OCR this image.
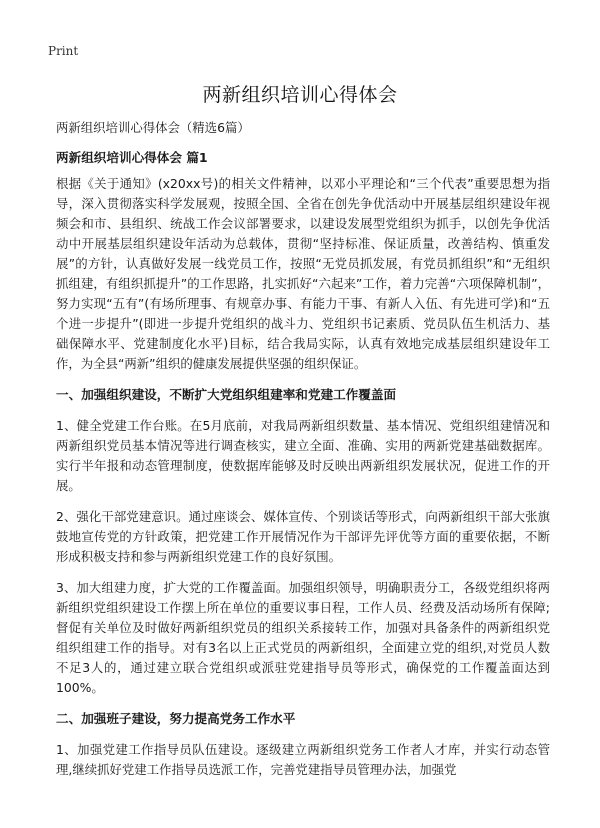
Print
两新组织培训心得体会
两新组织培训心得体会（精选6篇）
两新组织培训心得体会 篇1

根据《关于通知》(x20xx号)的相关文件精神，以邓小平理论和“三个代表”重要思想为指导，深入贯彻落实科学发展观，按照全国、全省在创先争优活动中开展基层组织建设年视频会和市、县组织、统战工作会议部署要求，以建设发展型党组织为抓手，以创先争优活动中开展基层组织建设年活动为总载体，贯彻“坚持标准、保证质量，改善结构、慎重发展”的方针，认真做好发展一线党员工作，按照“无党员抓发展，有党员抓组织”和“无组织抓组建，有组织抓提升”的工作思路，扎实抓好“六起来”工作，着力完善“六项保障机制”，努力实现“五有”(有场所理事、有规章办事、有能力干事、有新人入伍、有先进可学)和“五个进一步提升”(即进一步提升党组织的战斗力、党组织书记素质、党员队伍生机活力、基础保障水平、党建制度化水平)目标，结合我局实际，认真有效地完成基层组织建设年工作，为全县“两新”组织的健康发展提供坚强的组织保证。

一、加强组织建设，不断扩大党组织组建率和党建工作覆盖面

1、健全党建工作台账。在5月底前，对我局两新组织数量、基本情况、党组织组建情况和两新组织党员基本情况等进行调查核实，建立全面、准确、实用的两新党建基础数据库。实行半年报和动态管理制度，使数据库能够及时反映出两新组织发展状况，促进工作的开展。

2、强化干部党建意识。通过座谈会、媒体宣传、个别谈话等形式，向两新组织干部大张旗鼓地宣传党的方针政策，把党建工作开展情况作为干部评先评优等方面的重要依据，不断形成积极支持和参与两新组织党建工作的良好氛围。

3、加大组建力度，扩大党的工作覆盖面。加强组织领导，明确职责分工，各级党组织将两新组织党组织建设工作摆上所在单位的重要议事日程，工作人员、经费及活动场所有保障;督促有关单位及时做好两新组织党员的组织关系接转工作，加强对具备条件的两新组织党组织组建工作的指导。对有3名以上正式党员的两新组织，全面建立党的组织,对党员人数不足3人的，通过建立联合党组织或派驻党建指导员等形式，确保党的工作覆盖面达到100%。

二、加强班子建设，努力提高党务工作水平

1、加强党建工作指导员队伍建设。逐级建立两新组织党务工作者人才库，并实行动态管理,继续抓好党建工作指导员选派工作，完善党建指导员管理办法，加强党
